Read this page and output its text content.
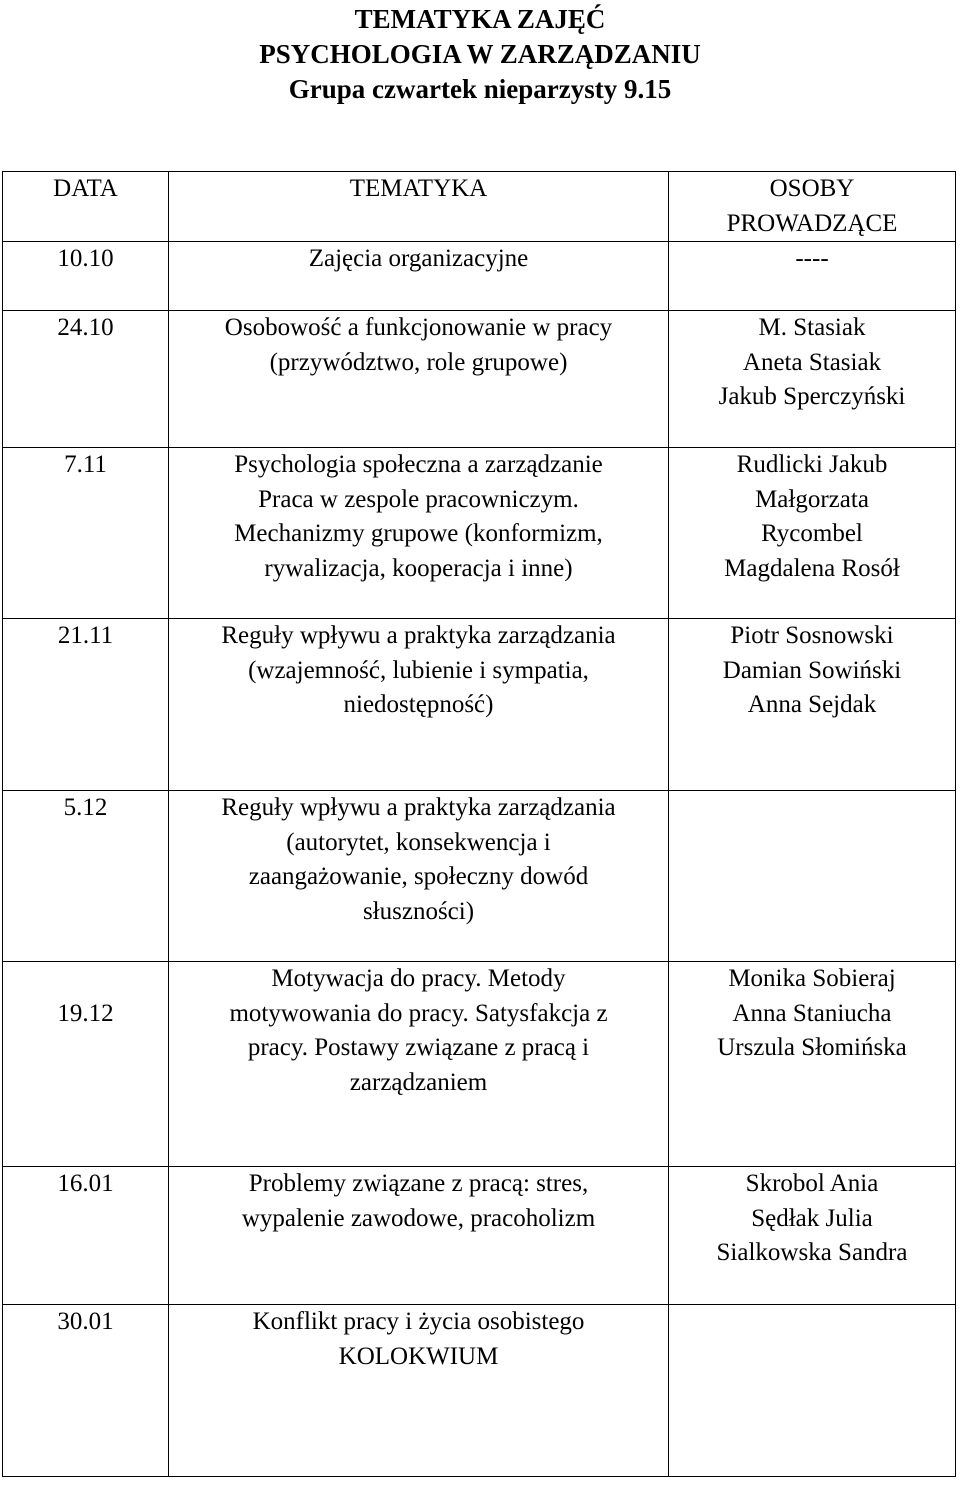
TEMATYKA ZAJĘĆ
PSYCHOLOGIA W ZARZĄDZANIU
Grupa czwartek nieparzysty 9.15
DATA	TEMATYKA	OSOBY
PROWADZĄCE

10.10	Zajęcia organizacyjne	----

24.10	Osobowość a funkcjonowanie w pracy
(przywództwo, role grupowe)	M. Stasiak
Aneta Stasiak
Jakub Sperczyński

7.11	Psychologia społeczna a zarządzanie
Praca w zespole pracowniczym.
Mechanizmy grupowe (konformizm,
rywalizacja, kooperacja i inne)	Rudlicki Jakub
Małgorzata
Rycombel
Magdalena Rosół

21.11	Reguły wpływu a praktyka zarządzania
(wzajemność, lubienie i sympatia,
niedostępność)	Piotr Sosnowski
Damian Sowiński
Anna Sejdak

5.12	Reguły wpływu a praktyka zarządzania
(autorytet, konsekwencja i
zaangażowanie, społeczny dowód
słuszności)	

19.12	Motywacja do pracy. Metody
motywowania do pracy. Satysfakcja z
pracy. Postawy związane z pracą i
zarządzaniem	Monika Sobieraj
Anna Staniucha
Urszula Słomińska

16.01	Problemy związane z pracą: stres,
wypalenie zawodowe, pracoholizm	Skrobol Ania
Sędłak Julia
Sialkowska Sandra

30.01	Konflikt pracy i życia osobistego
KOLOKWIUM	
